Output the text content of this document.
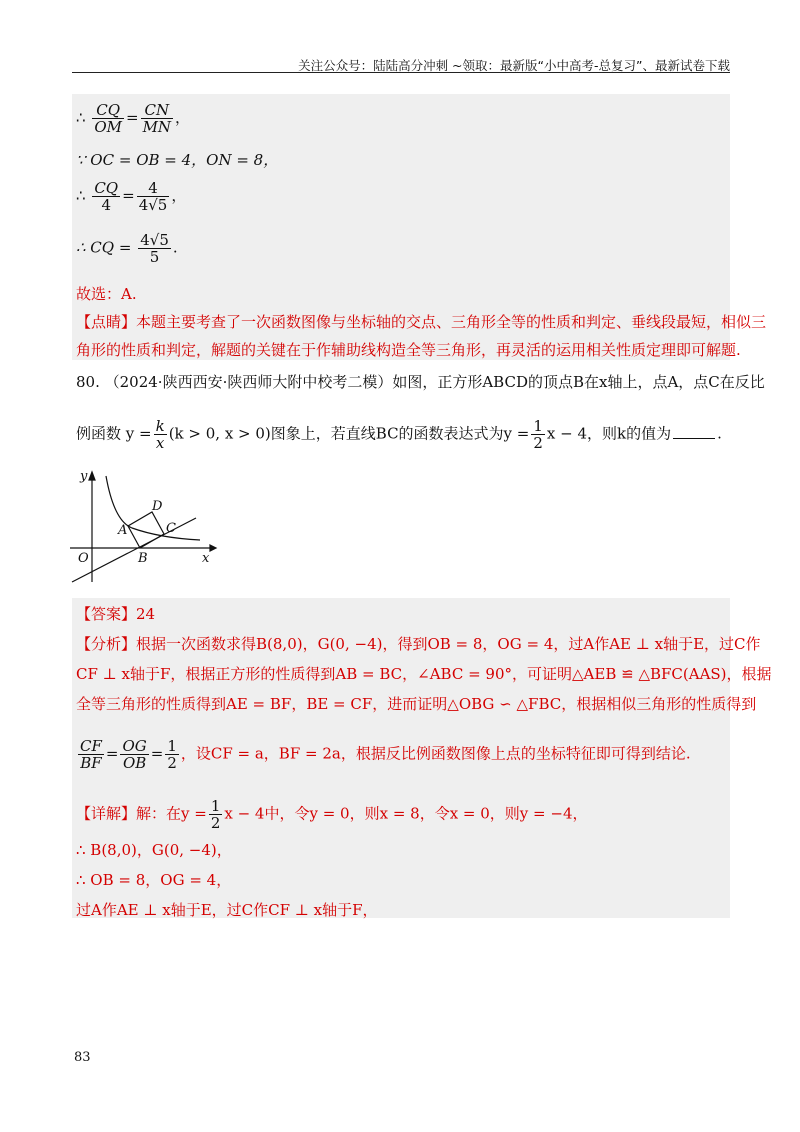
关注公众号：陆陆高分冲刺 ~领取：最新版“小中高考-总复习”、最新试卷下载
∴ $\frac{CQ}{OM} = \frac{CN}{MN}$ ，
∵ OC = OB = 4，ON = 8，
∴ $\frac{CQ}{4} = \frac{4}{4√5}$ ，
∴ CQ = $\frac{4√5}{5}$ .
故选：A.
【点睛】本题主要考查了一次函数图像与坐标轴的交点、三角形全等的性质和判定、垂线段最短，相似三
角形的性质和判定，解题的关键在于作辅助线构造全等三角形，再灵活的运用相关性质定理即可解题.
80. （2024·陕西西安·陕西师大附中校考二模）如图，正方形ABCD的顶点B在x轴上，点A，点C在反比
例函数 $y = \frac{k}{x} (k > 0$, x > 0)图象上，若直线BC的函数表达式为$y = \frac{1}{2}$ x − 4，则k的值为	.
y
x
O
A
B
C
D
【答案】24
【分析】根据一次函数求得B(8,0)，G(0, −4)，得到OB = 8，OG = 4，过A作AE ⊥ x轴于E，过C作
CF ⊥ x轴于F，根据正方形的性质得到AB = BC，∠ABC = 90°，可证明△AEB ≌ △BFC(AAS)，根据
全等三角形的性质得到AE = BF，BE = CF，进而证明△OBG ∽ △FBC，根据相似三角形的性质得到
$\frac{CF}{BF} = \frac{OG}{OB} = \frac{1}{2}$ ，设CF = a，BF = 2a，根据反比例函数图像上点的坐标特征即可得到结论.
【详解】解：在$y = \frac{1}{2}$ x − 4中，令y = 0，则x = 8，令x = 0，则y = −4，
∴ B(8,0)，G(0, −4)，
∴ OB = 8，OG = 4，
过A作AE ⊥ x轴于E，过C作CF ⊥ x轴于F，
83
